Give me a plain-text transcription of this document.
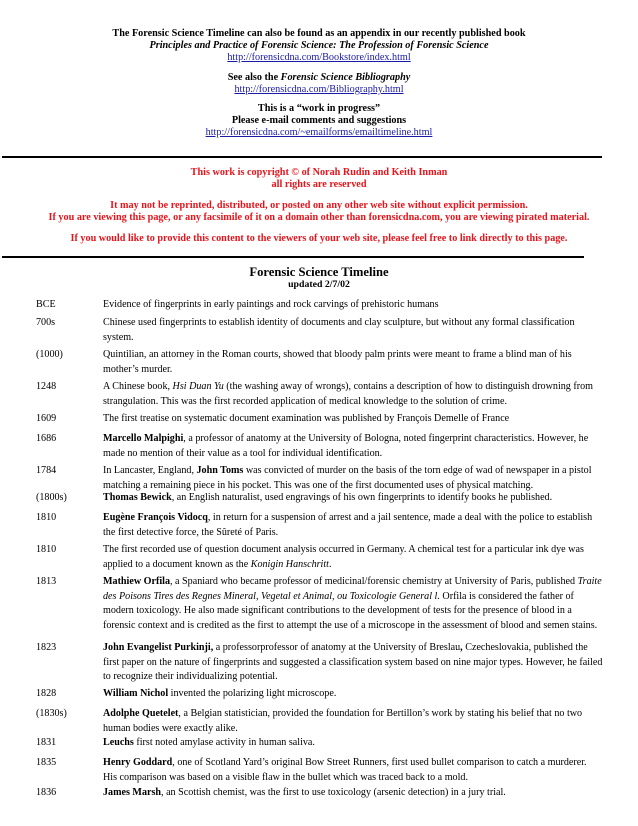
The Forensic Science Timeline can also be found as an appendix in our recently published book
Principles and Practice of Forensic Science: The Profession of Forensic Science
http://forensicdna.com/Bookstore/index.html
See also the Forensic Science Bibliography
http://forensicdna.com/Bibliography.html
This is a “work in progress”
Please e-mail comments and suggestions
http://forensicdna.com/~emailforms/emailtimeline.html
This work is copyright © of Norah Rudin and Keith Inman
all rights are reserved
It may not be reprinted, distributed, or posted on any other web site without explicit permission.
If you are viewing this page, or any facsimile of it on a domain other than forensicdna.com, you are viewing pirated material.
If you would like to provide this content to the viewers of your web site, please feel free to link directly to this page.
Forensic Science Timeline
updated 2/7/02
BCE	Evidence of fingerprints in early paintings and rock carvings of prehistoric humans
700s	Chinese used fingerprints to establish identity of documents and clay sculpture, but without any formal classification system.
(1000)	Quintilian, an attorney in the Roman courts, showed that bloody palm prints were meant to frame a blind man of his mother’s murder.
1248	A Chinese book, Hsi Duan Yu (the washing away of wrongs), contains a description of how to distinguish drowning from strangulation. This was the first recorded application of medical knowledge to the solution of crime.
1609	The first treatise on systematic document examination was published by François Demelle of France
1686	Marcello Malpighi, a professor of anatomy at the University of Bologna, noted fingerprint characteristics. However, he made no mention of their value as a tool for individual identification.
1784	In Lancaster, England, John Toms was convicted of murder on the basis of the torn edge of wad of newspaper in a pistol matching a remaining piece in his pocket. This was one of the first documented uses of physical matching.
(1800s)	Thomas Bewick, an English naturalist, used engravings of his own fingerprints to identify books he published.
1810	Eugène François Vidocq, in return for a suspension of arrest and a jail sentence, made a deal with the police to establish the first detective force, the Sûreté of Paris.
1810	The first recorded use of question document analysis occurred in Germany. A chemical test for a particular ink dye was applied to a document known as the Konigin Hanschritt.
1813	Mathiew Orfila, a Spaniard who became professor of medicinal/forensic chemistry at University of Paris, published Traite des Poisons Tires des Regnes Mineral, Vegetal et Animal, ou Toxicologie General l. Orfila is considered the father of modern toxicology. He also made significant contributions to the development of tests for the presence of blood in a forensic context and is credited as the first to attempt the use of a microscope in the assessment of blood and semen stains.
1823	John Evangelist Purkinji, a professorprofessor of anatomy at the University of Breslau, Czecheslovakia, published the first paper on the nature of fingerprints and suggested a classification system based on nine major types. However, he failed to recognize their individualizing potential.
1828	William Nichol invented the polarizing light microscope.
(1830s)	Adolphe Quetelet, a Belgian statistician, provided the foundation for Bertillon’s work by stating his belief that no two human bodies were exactly alike.
1831	Leuchs first noted amylase activity in human saliva.
1835	Henry Goddard, one of Scotland Yard’s original Bow Street Runners, first used bullet comparison to catch a murderer. His comparison was based on a visible flaw in the bullet which was traced back to a mold.
1836	James Marsh, an Scottish chemist, was the first to use toxicology (arsenic detection) in a jury trial.
